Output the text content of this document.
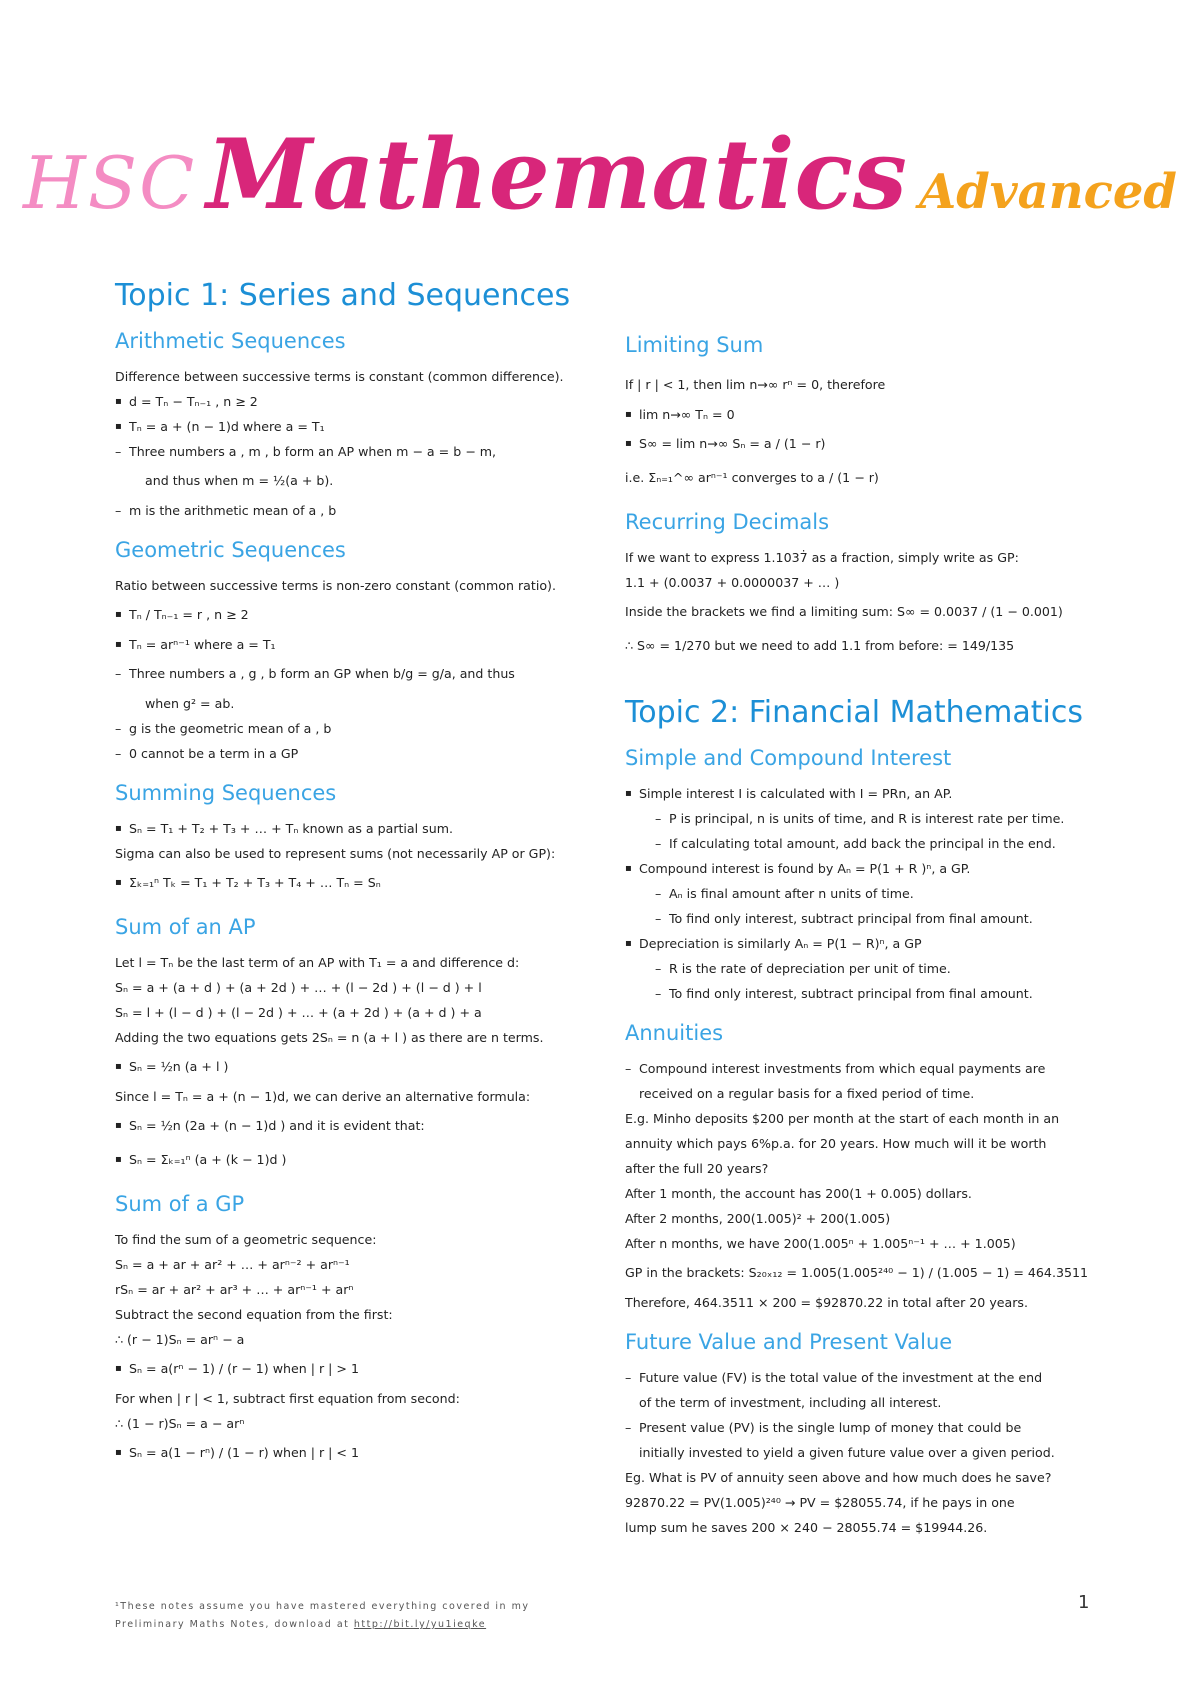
HSC Mathematics Advanced
Topic 1: Series and Sequences
Arithmetic Sequences
Difference between successive terms is constant (common difference).
▪ d = Tₙ − Tₙ₋₁ , n ≥ 2
▪ Tₙ = a + (n − 1)d where a = T₁
– Three numbers a , m , b form an AP when m − a = b − m,
and thus when m = ½(a + b).
– m is the arithmetic mean of a , b
Geometric Sequences
Ratio between successive terms is non-zero constant (common ratio).
▪ Tₙ / Tₙ₋₁ = r , n ≥ 2
▪ Tₙ = arⁿ⁻¹ where a = T₁
– Three numbers a , g , b form an GP when b/g = g/a, and thus
when g² = ab.
– g is the geometric mean of a , b
– 0 cannot be a term in a GP
Summing Sequences
▪ Sₙ = T₁ + T₂ + T₃ + … + Tₙ known as a partial sum.
Sigma can also be used to represent sums (not necessarily AP or GP):
▪ Σₖ₌₁ⁿ Tₖ = T₁ + T₂ + T₃ + T₄ + … Tₙ = Sₙ
Sum of an AP
Let l = Tₙ be the last term of an AP with T₁ = a and difference d:
Sₙ = a + (a + d ) + (a + 2d ) + … + (l − 2d ) + (l − d ) + l
Sₙ = l + (l − d ) + (l − 2d ) + … + (a + 2d ) + (a + d ) + a
Adding the two equations gets 2Sₙ = n (a + l ) as there are n terms.
▪ Sₙ = ½n (a + l )
Since l = Tₙ = a + (n − 1)d, we can derive an alternative formula:
▪ Sₙ = ½n (2a + (n − 1)d ) and it is evident that:
▪ Sₙ = Σₖ₌₁ⁿ (a + (k − 1)d )
Sum of a GP
To find the sum of a geometric sequence:
Sₙ = a + ar + ar² + … + arⁿ⁻² + arⁿ⁻¹
rSₙ = ar + ar² + ar³ + … + arⁿ⁻¹ + arⁿ
Subtract the second equation from the first:
∴ (r − 1)Sₙ = arⁿ − a
▪ Sₙ = a(rⁿ − 1) / (r − 1) when | r | > 1
For when | r | < 1, subtract first equation from second:
∴ (1 − r)Sₙ = a − arⁿ
▪ Sₙ = a(1 − rⁿ) / (1 − r) when | r | < 1
Limiting Sum
If | r | < 1, then lim n→∞ rⁿ = 0, therefore
▪ lim n→∞ Tₙ = 0
▪ S∞ = lim n→∞ Sₙ = a / (1 − r)
i.e. Σₙ₌₁^∞ arⁿ⁻¹ converges to a / (1 − r)
Recurring Decimals
If we want to express 1.1037̇ as a fraction, simply write as GP:
1.1 + (0.0037 + 0.0000037 + … )
Inside the brackets we find a limiting sum: S∞ = 0.0037 / (1 − 0.001)
∴ S∞ = 1/270 but we need to add 1.1 from before: = 149/135
Topic 2: Financial Mathematics
Simple and Compound Interest
▪ Simple interest I is calculated with I = PRn, an AP.
– P is principal, n is units of time, and R is interest rate per time.
– If calculating total amount, add back the principal in the end.
▪ Compound interest is found by Aₙ = P(1 + R )ⁿ, a GP.
– Aₙ is final amount after n units of time.
– To find only interest, subtract principal from final amount.
▪ Depreciation is similarly Aₙ = P(1 − R)ⁿ, a GP
– R is the rate of depreciation per unit of time.
– To find only interest, subtract principal from final amount.
Annuities
– Compound interest investments from which equal payments are
received on a regular basis for a fixed period of time.
E.g. Minho deposits $200 per month at the start of each month in an
annuity which pays 6%p.a. for 20 years. How much will it be worth
after the full 20 years?
After 1 month, the account has 200(1 + 0.005) dollars.
After 2 months, 200(1.005)² + 200(1.005)
After n months, we have 200(1.005ⁿ + 1.005ⁿ⁻¹ + … + 1.005)
GP in the brackets: S₂₀ₓ₁₂ = 1.005(1.005²⁴⁰ − 1) / (1.005 − 1) = 464.3511
Therefore, 464.3511 × 200 = $92870.22 in total after 20 years.
Future Value and Present Value
– Future value (FV) is the total value of the investment at the end
of the term of investment, including all interest.
– Present value (PV) is the single lump of money that could be
initially invested to yield a given future value over a given period.
Eg. What is PV of annuity seen above and how much does he save?
92870.22 = PV(1.005)²⁴⁰ → PV = $28055.74, if he pays in one
lump sum he saves 200 × 240 − 28055.74 = $19944.26.
¹These notes assume you have mastered everything covered in my
Preliminary Maths Notes, download at http://bit.ly/yu1ieqke
1
